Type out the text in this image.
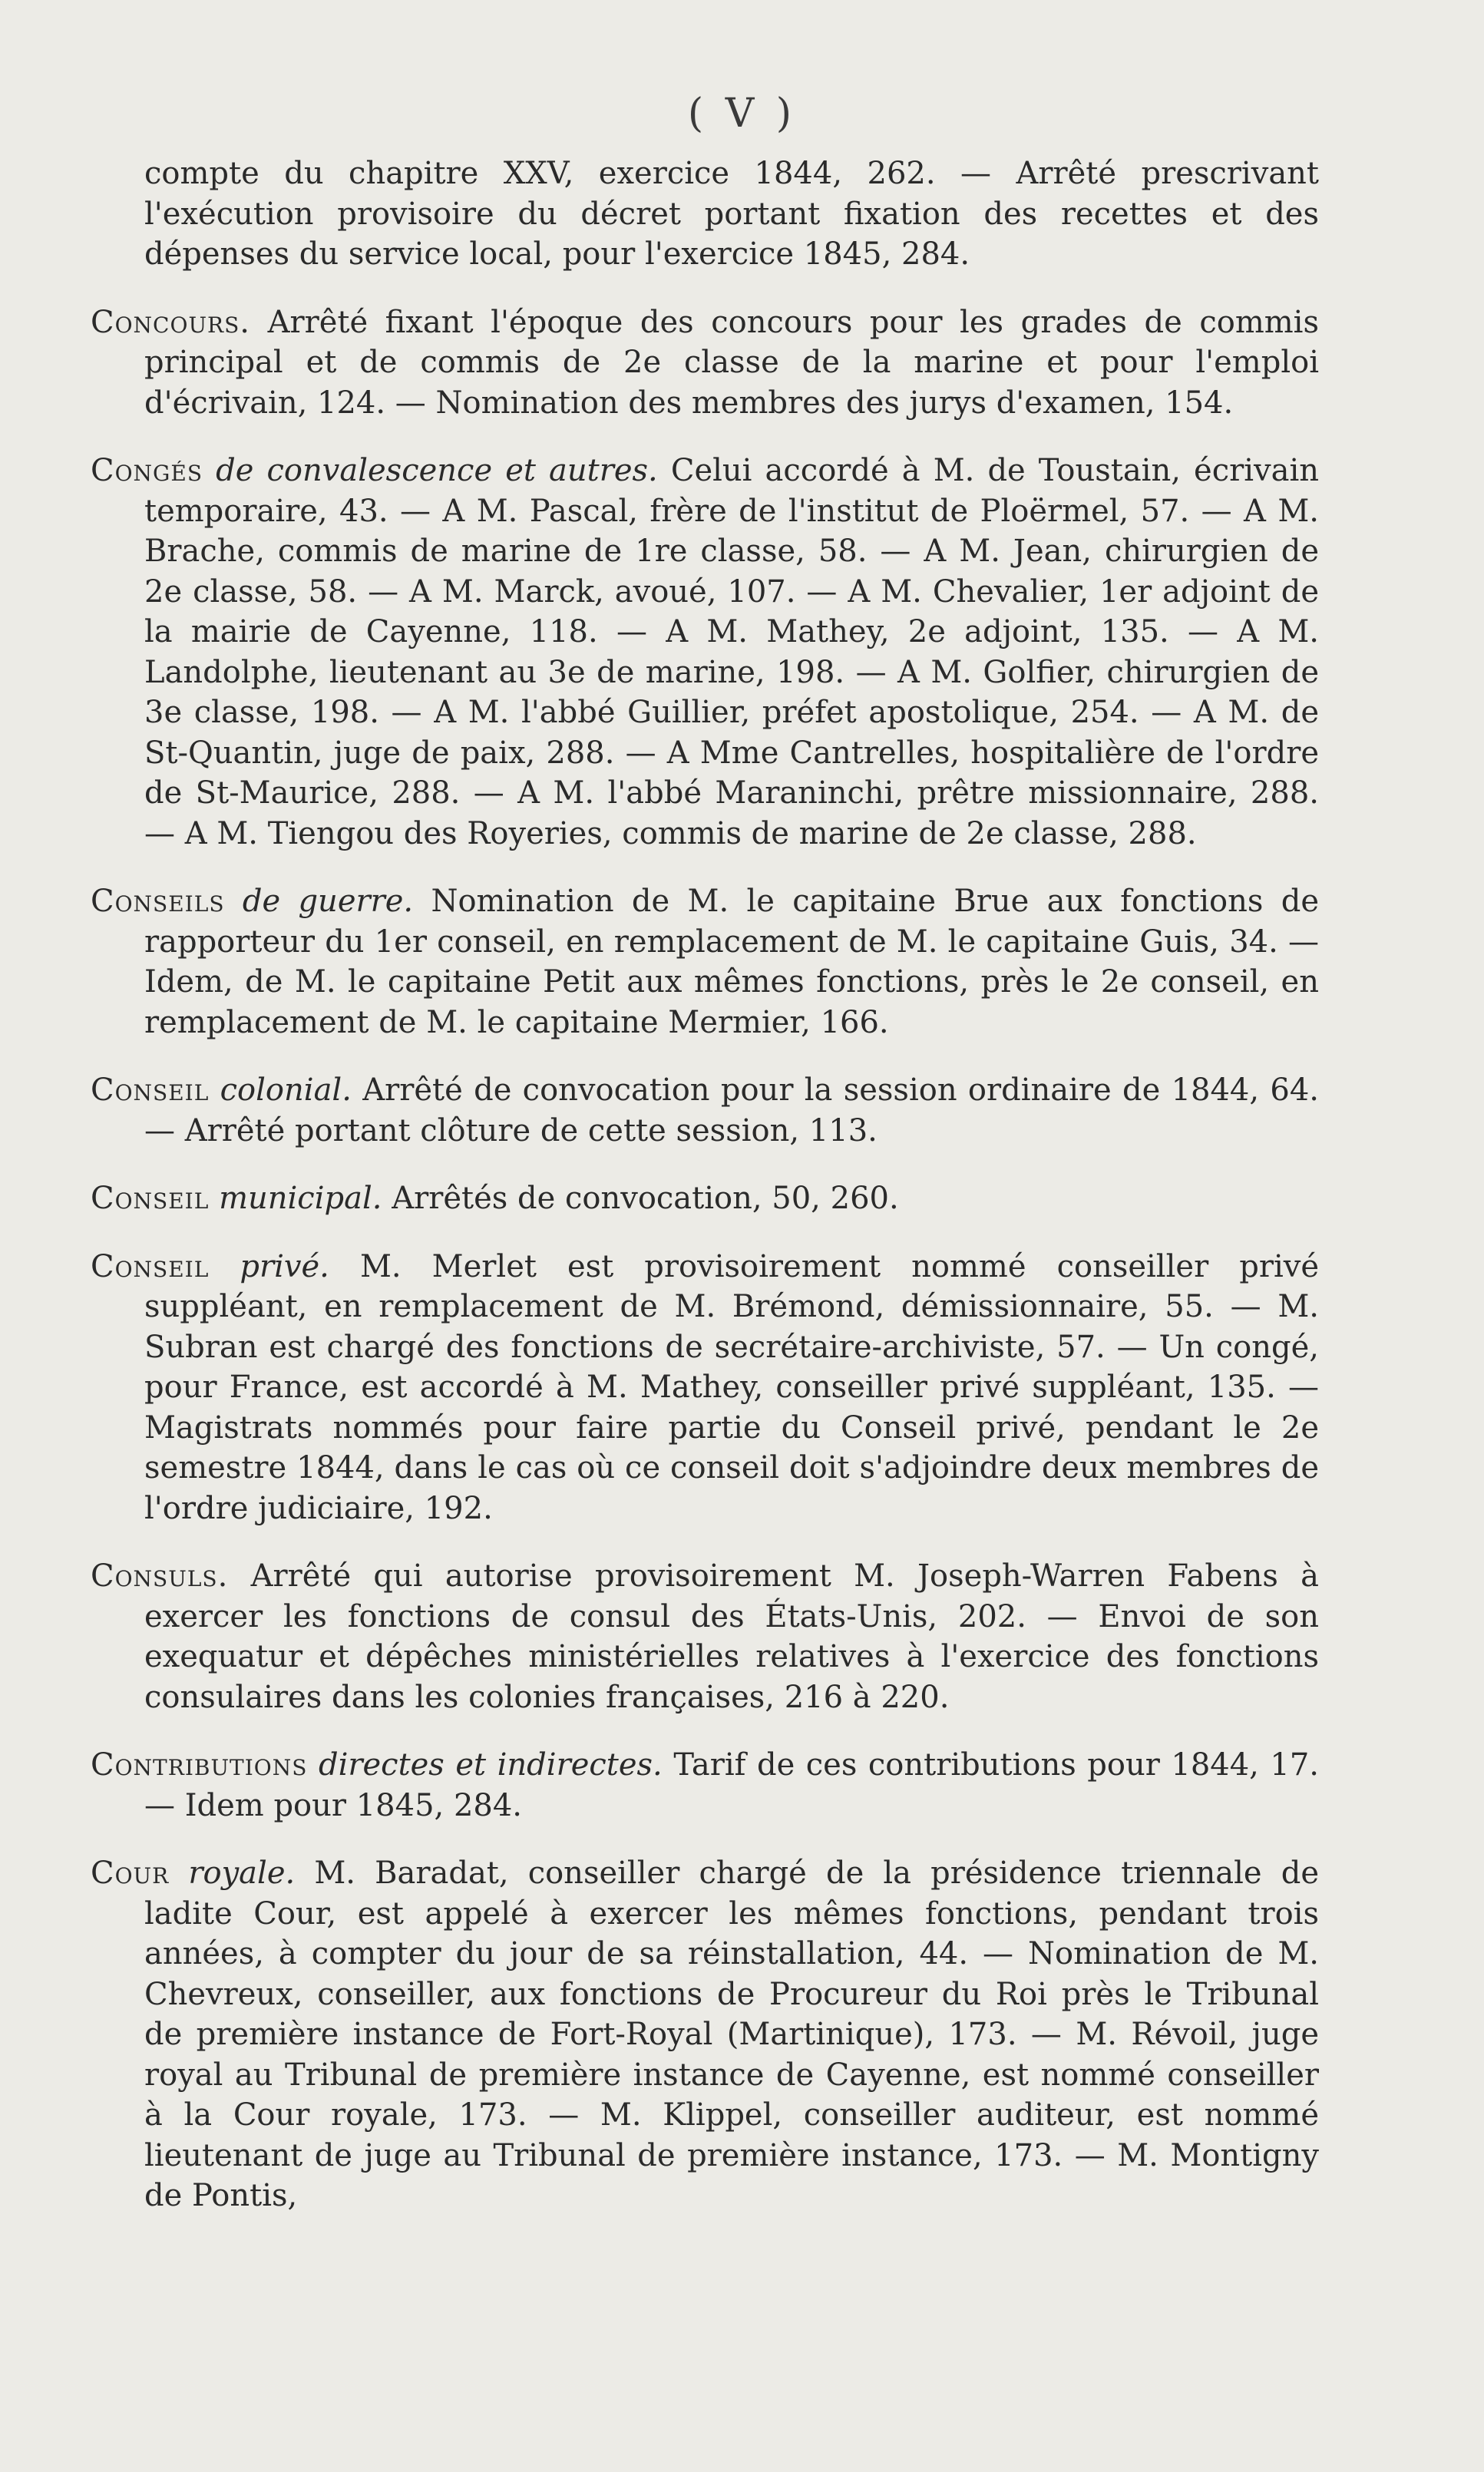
( V )

compte du chapitre XXV, exercice 1844, 262. — Arrêté prescrivant l'exécution provisoire du décret portant fixation des recettes et des dépenses du service local, pour l'exercice 1845, 284.

Concours. Arrêté fixant l'époque des concours pour les grades de commis principal et de commis de 2e classe de la marine et pour l'emploi d'écrivain, 124. — Nomination des membres des jurys d'examen, 154.

Congés de convalescence et autres. Celui accordé à M. de Toustain, écrivain temporaire, 43. — A M. Pascal, frère de l'institut de Ploërmel, 57. — A M. Brache, commis de marine de 1re classe, 58. — A M. Jean, chirurgien de 2e classe, 58. — A M. Marck, avoué, 107. — A M. Chevalier, 1er adjoint de la mairie de Cayenne, 118. — A M. Mathey, 2e adjoint, 135. — A M. Landolphe, lieutenant au 3e de marine, 198. — A M. Golfier, chirurgien de 3e classe, 198. — A M. l'abbé Guillier, préfet apostolique, 254. — A M. de St-Quantin, juge de paix, 288. — A Mme Cantrelles, hospitalière de l'ordre de St-Maurice, 288. — A M. l'abbé Maraninchi, prêtre missionnaire, 288. — A M. Tiengou des Royeries, commis de marine de 2e classe, 288.

Conseils de guerre. Nomination de M. le capitaine Brue aux fonctions de rapporteur du 1er conseil, en remplacement de M. le capitaine Guis, 34. — Idem, de M. le capitaine Petit aux mêmes fonctions, près le 2e conseil, en remplacement de M. le capitaine Mermier, 166.

Conseil colonial. Arrêté de convocation pour la session ordinaire de 1844, 64. — Arrêté portant clôture de cette session, 113.

Conseil municipal. Arrêtés de convocation, 50, 260.

Conseil privé. M. Merlet est provisoirement nommé conseiller privé suppléant, en remplacement de M. Brémond, démissionnaire, 55. — M. Subran est chargé des fonctions de secrétaire-archiviste, 57. — Un congé, pour France, est accordé à M. Mathey, conseiller privé suppléant, 135. — Magistrats nommés pour faire partie du Conseil privé, pendant le 2e semestre 1844, dans le cas où ce conseil doit s'adjoindre deux membres de l'ordre judiciaire, 192.

Consuls. Arrêté qui autorise provisoirement M. Joseph-Warren Fabens à exercer les fonctions de consul des États-Unis, 202. — Envoi de son exequatur et dépêches ministérielles relatives à l'exercice des fonctions consulaires dans les colonies françaises, 216 à 220.

Contributions directes et indirectes. Tarif de ces contributions pour 1844, 17. — Idem pour 1845, 284.

Cour royale. M. Baradat, conseiller chargé de la présidence triennale de ladite Cour, est appelé à exercer les mêmes fonctions, pendant trois années, à compter du jour de sa réinstallation, 44. — Nomination de M. Chevreux, conseiller, aux fonctions de Procureur du Roi près le Tribunal de première instance de Fort-Royal (Martinique), 173. — M. Révoil, juge royal au Tribunal de première instance de Cayenne, est nommé conseiller à la Cour royale, 173. — M. Klippel, conseiller auditeur, est nommé lieutenant de juge au Tribunal de première instance, 173. — M. Montigny de Pontis,
